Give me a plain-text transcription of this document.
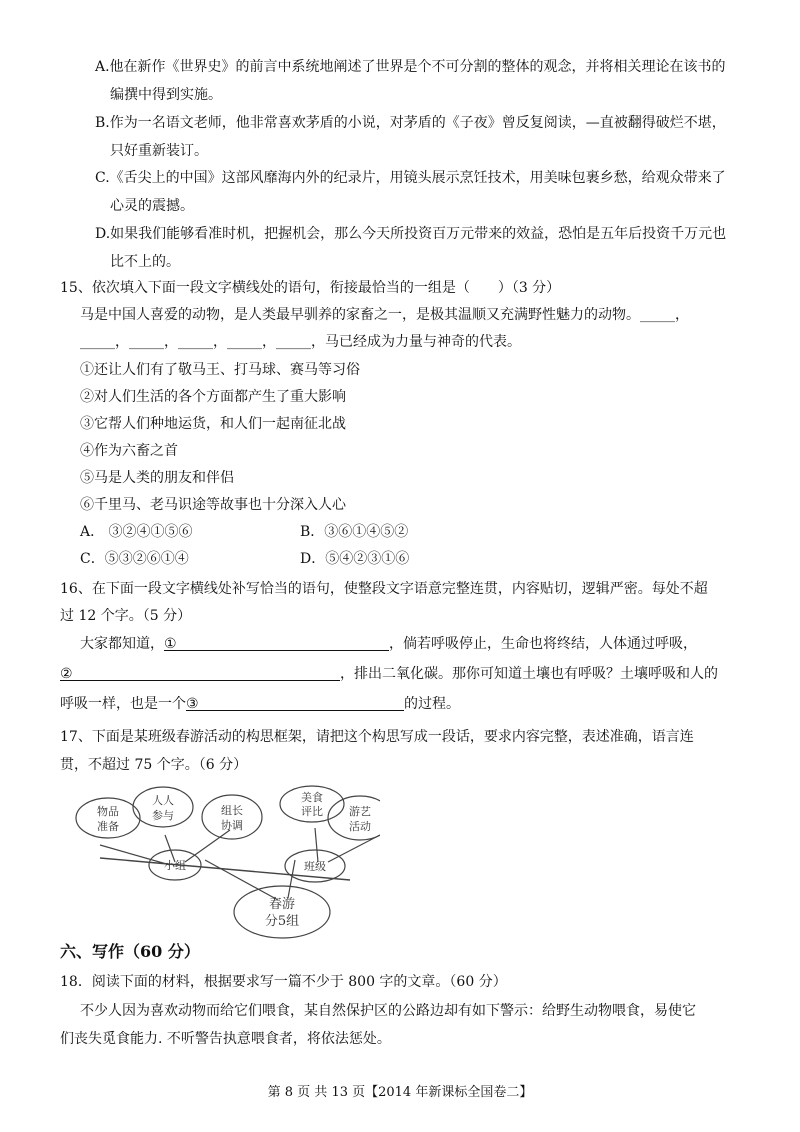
A.他在新作《世界史》的前言中系统地阐述了世界是个不可分割的整体的观念，并将相关理论在该书的
编撰中得到实施。
B.作为一名语文老师，他非常喜欢茅盾的小说，对茅盾的《子夜》曾反复阅读，—直被翻得破烂不堪，
只好重新装订。
C.《舌尖上的中国》这部风靡海内外的纪录片，用镜头展示烹饪技术，用美味包裹乡愁，给观众带来了
心灵的震撼。
D.如果我们能够看准时机，把握机会，那么今天所投资百万元带来的效益，恐怕是五年后投资千万元也
比不上的。
15、依次填入下面一段文字横线处的语句，衔接最恰当的一组是（　　）（3 分）
马是中国人喜爱的动物，是人类最早驯养的家畜之一，是极其温顺又充满野性魅力的动物。_____，
_____，_____，_____，_____，_____，马已经成为力量与神奇的代表。
①还让人们有了敬马王、打马球、赛马等习俗
②对人们生活的各个方面都产生了重大影响
③它帮人们种地运货，和人们一起南征北战
④作为六畜之首
⑤马是人类的朋友和伴侣
⑥千里马、老马识途等故事也十分深入人心
A． ③②④①⑤⑥	B．③⑥①④⑤②
C．⑤③②⑥①④	D．⑤④②③①⑥
16、在下面一段文字横线处补写恰当的语句，使整段文字语意完整连贯，内容贴切，逻辑严密。每处不超
过 12 个字。（5 分）
大家都知道，①	，倘若呼吸停止，生命也将终结，人体通过呼吸，
②	，排出二氧化碳。那你可知道土壤也有呼吸？土壤呼吸和人的
呼吸一样，也是一个③	的过程。
17、下面是某班级春游活动的构思框架，请把这个构思写成一段话，要求内容完整，表述准确，语言连
贯，不超过 75 个字。（6 分）
物品
准备
人人
参与	组长
协调
美食
评比 游艺
活动
小组	班级
春游
分5组
六、写作（60 分）
18．阅读下面的材料，根据要求写一篇不少于 800 字的文章。（60 分）
不少人因为喜欢动物而给它们喂食，某自然保护区的公路边却有如下警示：给野生动物喂食，易使它
们丧失觅食能力. 不听警告执意喂食者，将依法惩处。
第 8 页 共 13 页【2014 年新课标全国卷二】
